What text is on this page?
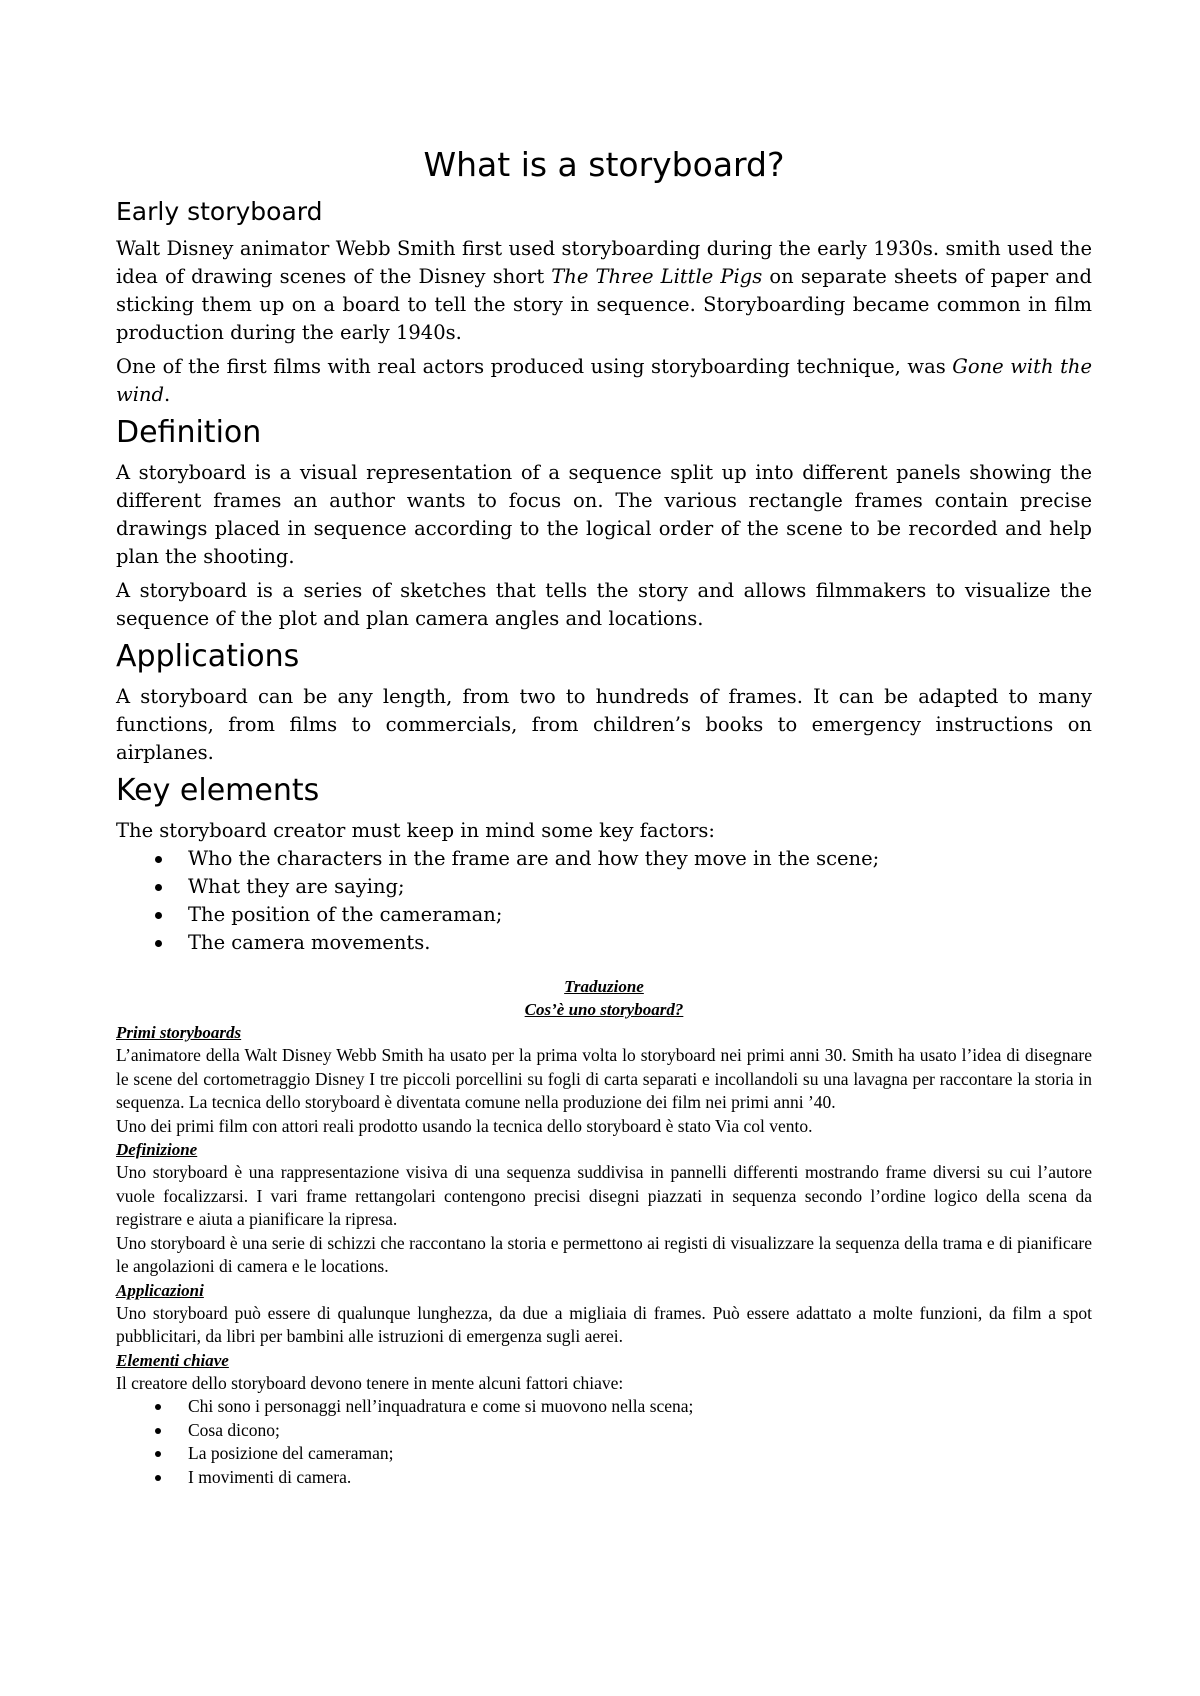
What is a storyboard?
Early storyboard

Walt Disney animator Webb Smith first used storyboarding during the early 1930s. smith used the idea of drawing scenes of the Disney short The Three Little Pigs on separate sheets of paper and sticking them up on a board to tell the story in sequence. Storyboarding became common in film production during the early 1940s.

One of the first films with real actors produced using storyboarding technique, was Gone with the wind.

Definition

A storyboard is a visual representation of a sequence split up into different panels showing the different frames an author wants to focus on. The various rectangle frames contain precise drawings placed in sequence according to the logical order of the scene to be recorded and help plan the shooting.

A storyboard is a series of sketches that tells the story and allows filmmakers to visualize the sequence of the plot and plan camera angles and locations.

Applications

A storyboard can be any length, from two to hundreds of frames. It can be adapted to many functions, from films to commercials, from children’s books to emergency instructions on airplanes.

Key elements

The storyboard creator must keep in mind some key factors:

Who the characters in the frame are and how they move in the scene;
What they are saying;
The position of the cameraman;
The camera movements.

Traduzione

Cos’è uno storyboard?

Primi storyboards

L’animatore della Walt Disney Webb Smith ha usato per la prima volta lo storyboard nei primi anni 30. Smith ha usato l’idea di disegnare le scene del cortometraggio Disney I tre piccoli porcellini su fogli di carta separati e incollandoli su una lavagna per raccontare la storia in sequenza. La tecnica dello storyboard è diventata comune nella produzione dei film nei primi anni ’40.

Uno dei primi film con attori reali prodotto usando la tecnica dello storyboard è stato Via col vento.

Definizione

Uno storyboard è una rappresentazione visiva di una sequenza suddivisa in pannelli differenti mostrando frame diversi su cui l’autore vuole focalizzarsi. I vari frame rettangolari contengono precisi disegni piazzati in sequenza secondo l’ordine logico della scena da registrare e aiuta a pianificare la ripresa.

Uno storyboard è una serie di schizzi che raccontano la storia e permettono ai registi di visualizzare la sequenza della trama e di pianificare le angolazioni di camera e le locations.

Applicazioni

Uno storyboard può essere di qualunque lunghezza, da due a migliaia di frames. Può essere adattato a molte funzioni, da film a spot pubblicitari, da libri per bambini alle istruzioni di emergenza sugli aerei.

Elementi chiave

Il creatore dello storyboard devono tenere in mente alcuni fattori chiave:

Chi sono i personaggi nell’inquadratura e come si muovono nella scena;
Cosa dicono;
La posizione del cameraman;
I movimenti di camera.
